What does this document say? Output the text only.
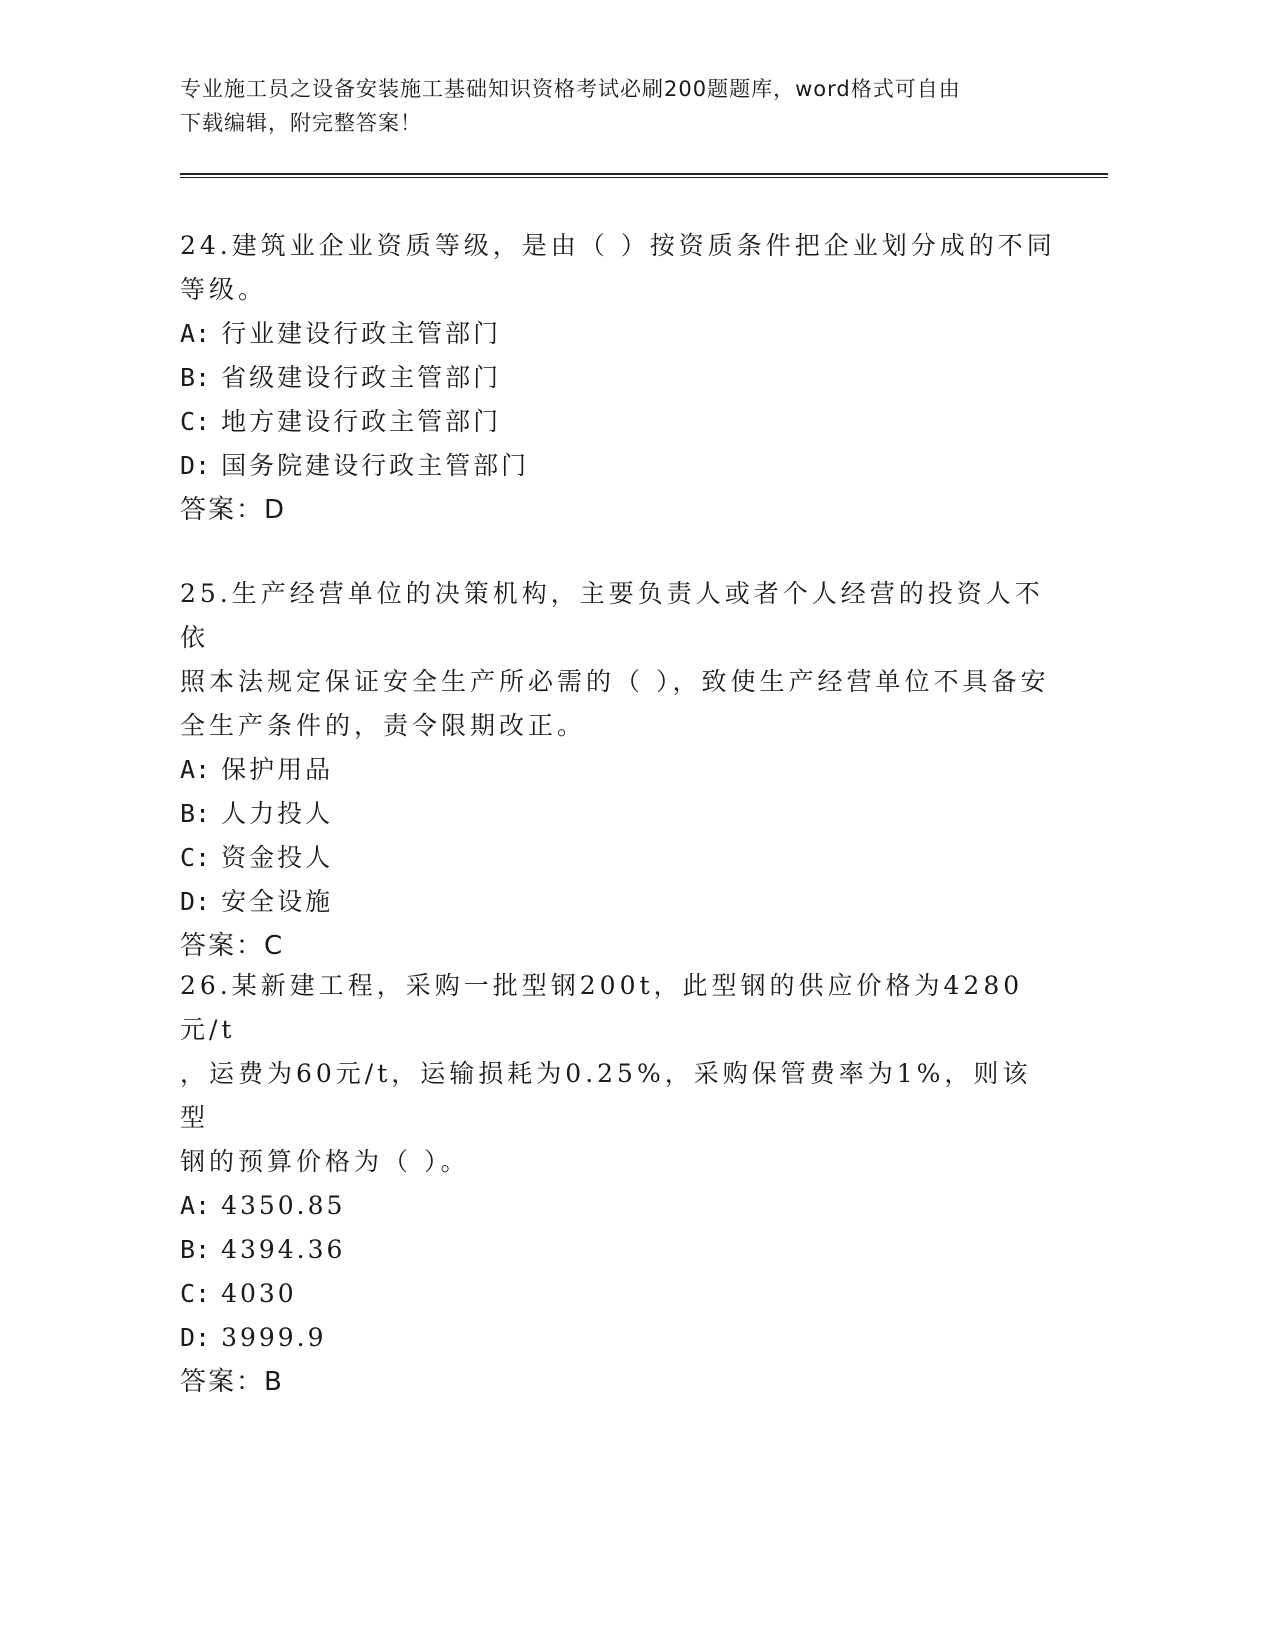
专业施工员之设备安装施工基础知识资格考试必刷200题题库，word格式可自由
下载编辑，附完整答案！
24.建筑业企业资质等级，是由（ ）按资质条件把企业划分成的不同
等级。
A: 行业建设行政主管部门
B: 省级建设行政主管部门
C: 地方建设行政主管部门
D: 国务院建设行政主管部门
答案：D
25.生产经营单位的决策机构，主要负责人或者个人经营的投资人不依
照本法规定保证安全生产所必需的（ ），致使生产经营单位不具备安
全生产条件的，责令限期改正。
A: 保护用品
B: 人力投人
C: 资金投人
D: 安全设施
答案：C
26.某新建工程，采购一批型钢200t，此型钢的供应价格为4280元/t
，运费为60元/t，运输损耗为0.25%，采购保管费率为1%，则该型
钢的预算价格为（ ）。
A: 4350.85
B: 4394.36
C: 4030
D: 3999.9
答案：B
